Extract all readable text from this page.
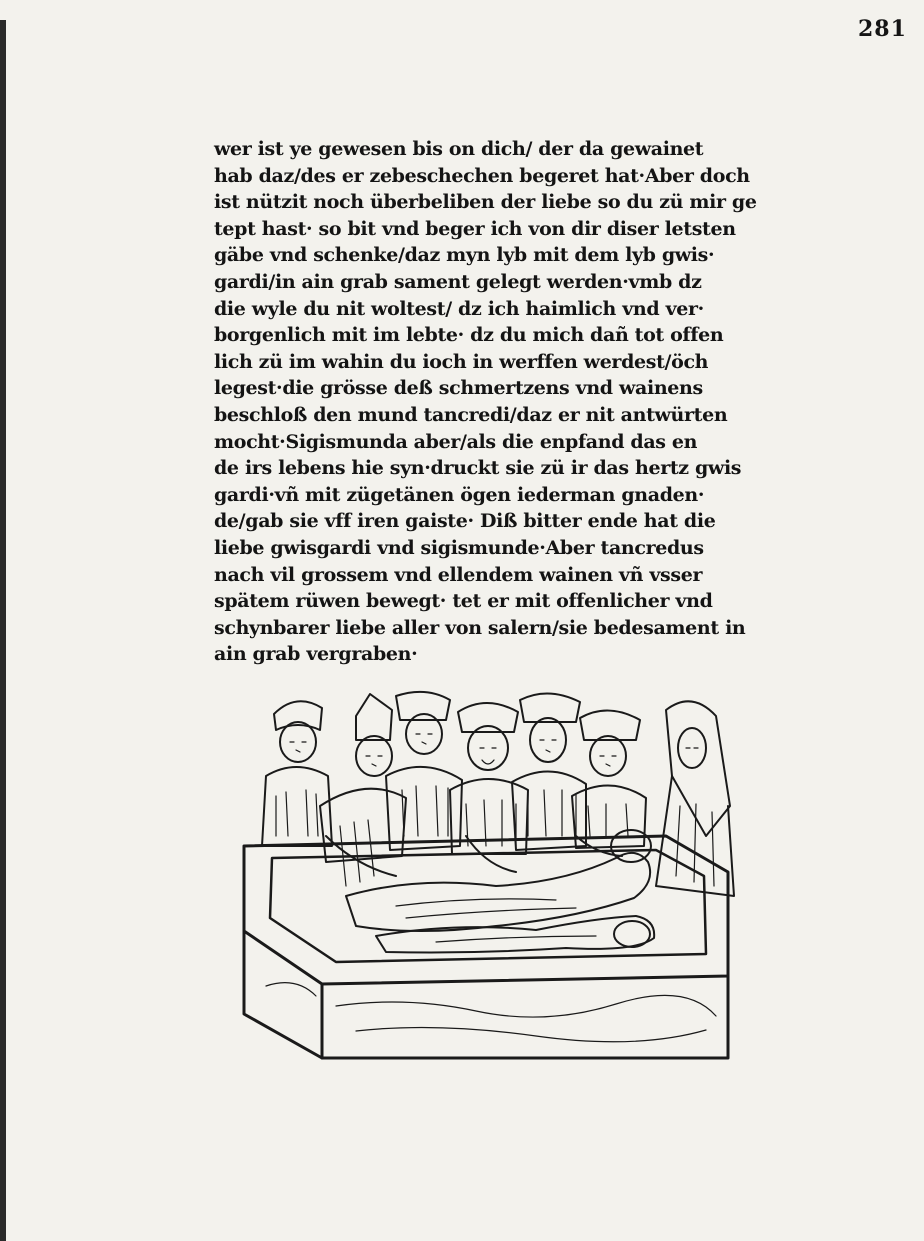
281
wer ist ye gewesen bis on dich/ der da gewainet
hab daz/des er zebeschechen begeret hat·Aber doch
ist nützit noch überbeliben der liebe so du zü mir ge
tept hast· so bit vnd beger ich von dir diser letsten
gäbe vnd schenke/daz myn lyb mit dem lyb gwis·
gardi/in ain grab sament gelegt werden·vmb dz
die wyle du nit woltest/ dz ich haimlich vnd ver·
borgenlich mit im lebte· dz du mich dañ tot offen
lich zü im wahin du ioch in werffen werdest/öch
legest·die grösse deß schmertzens vnd wainens
beschloß den mund tancredi/daz er nit antwürten
mocht·Sigismunda aber/als die enpfand das en
de irs lebens hie syn·druckt sie zü ir das hertz gwis
gardi·vñ mit zügetänen ögen iederman gnaden·
de/gab sie vff iren gaiste· Diß bitter ende hat die
liebe gwisgardi vnd sigismunde·Aber tancredus
nach vil grossem vnd ellendem wainen vñ vsser
spätem rüwen bewegt· tet er mit offenlicher vnd
schynbarer liebe aller von salern/sie bedesament in
ain grab vergraben·
